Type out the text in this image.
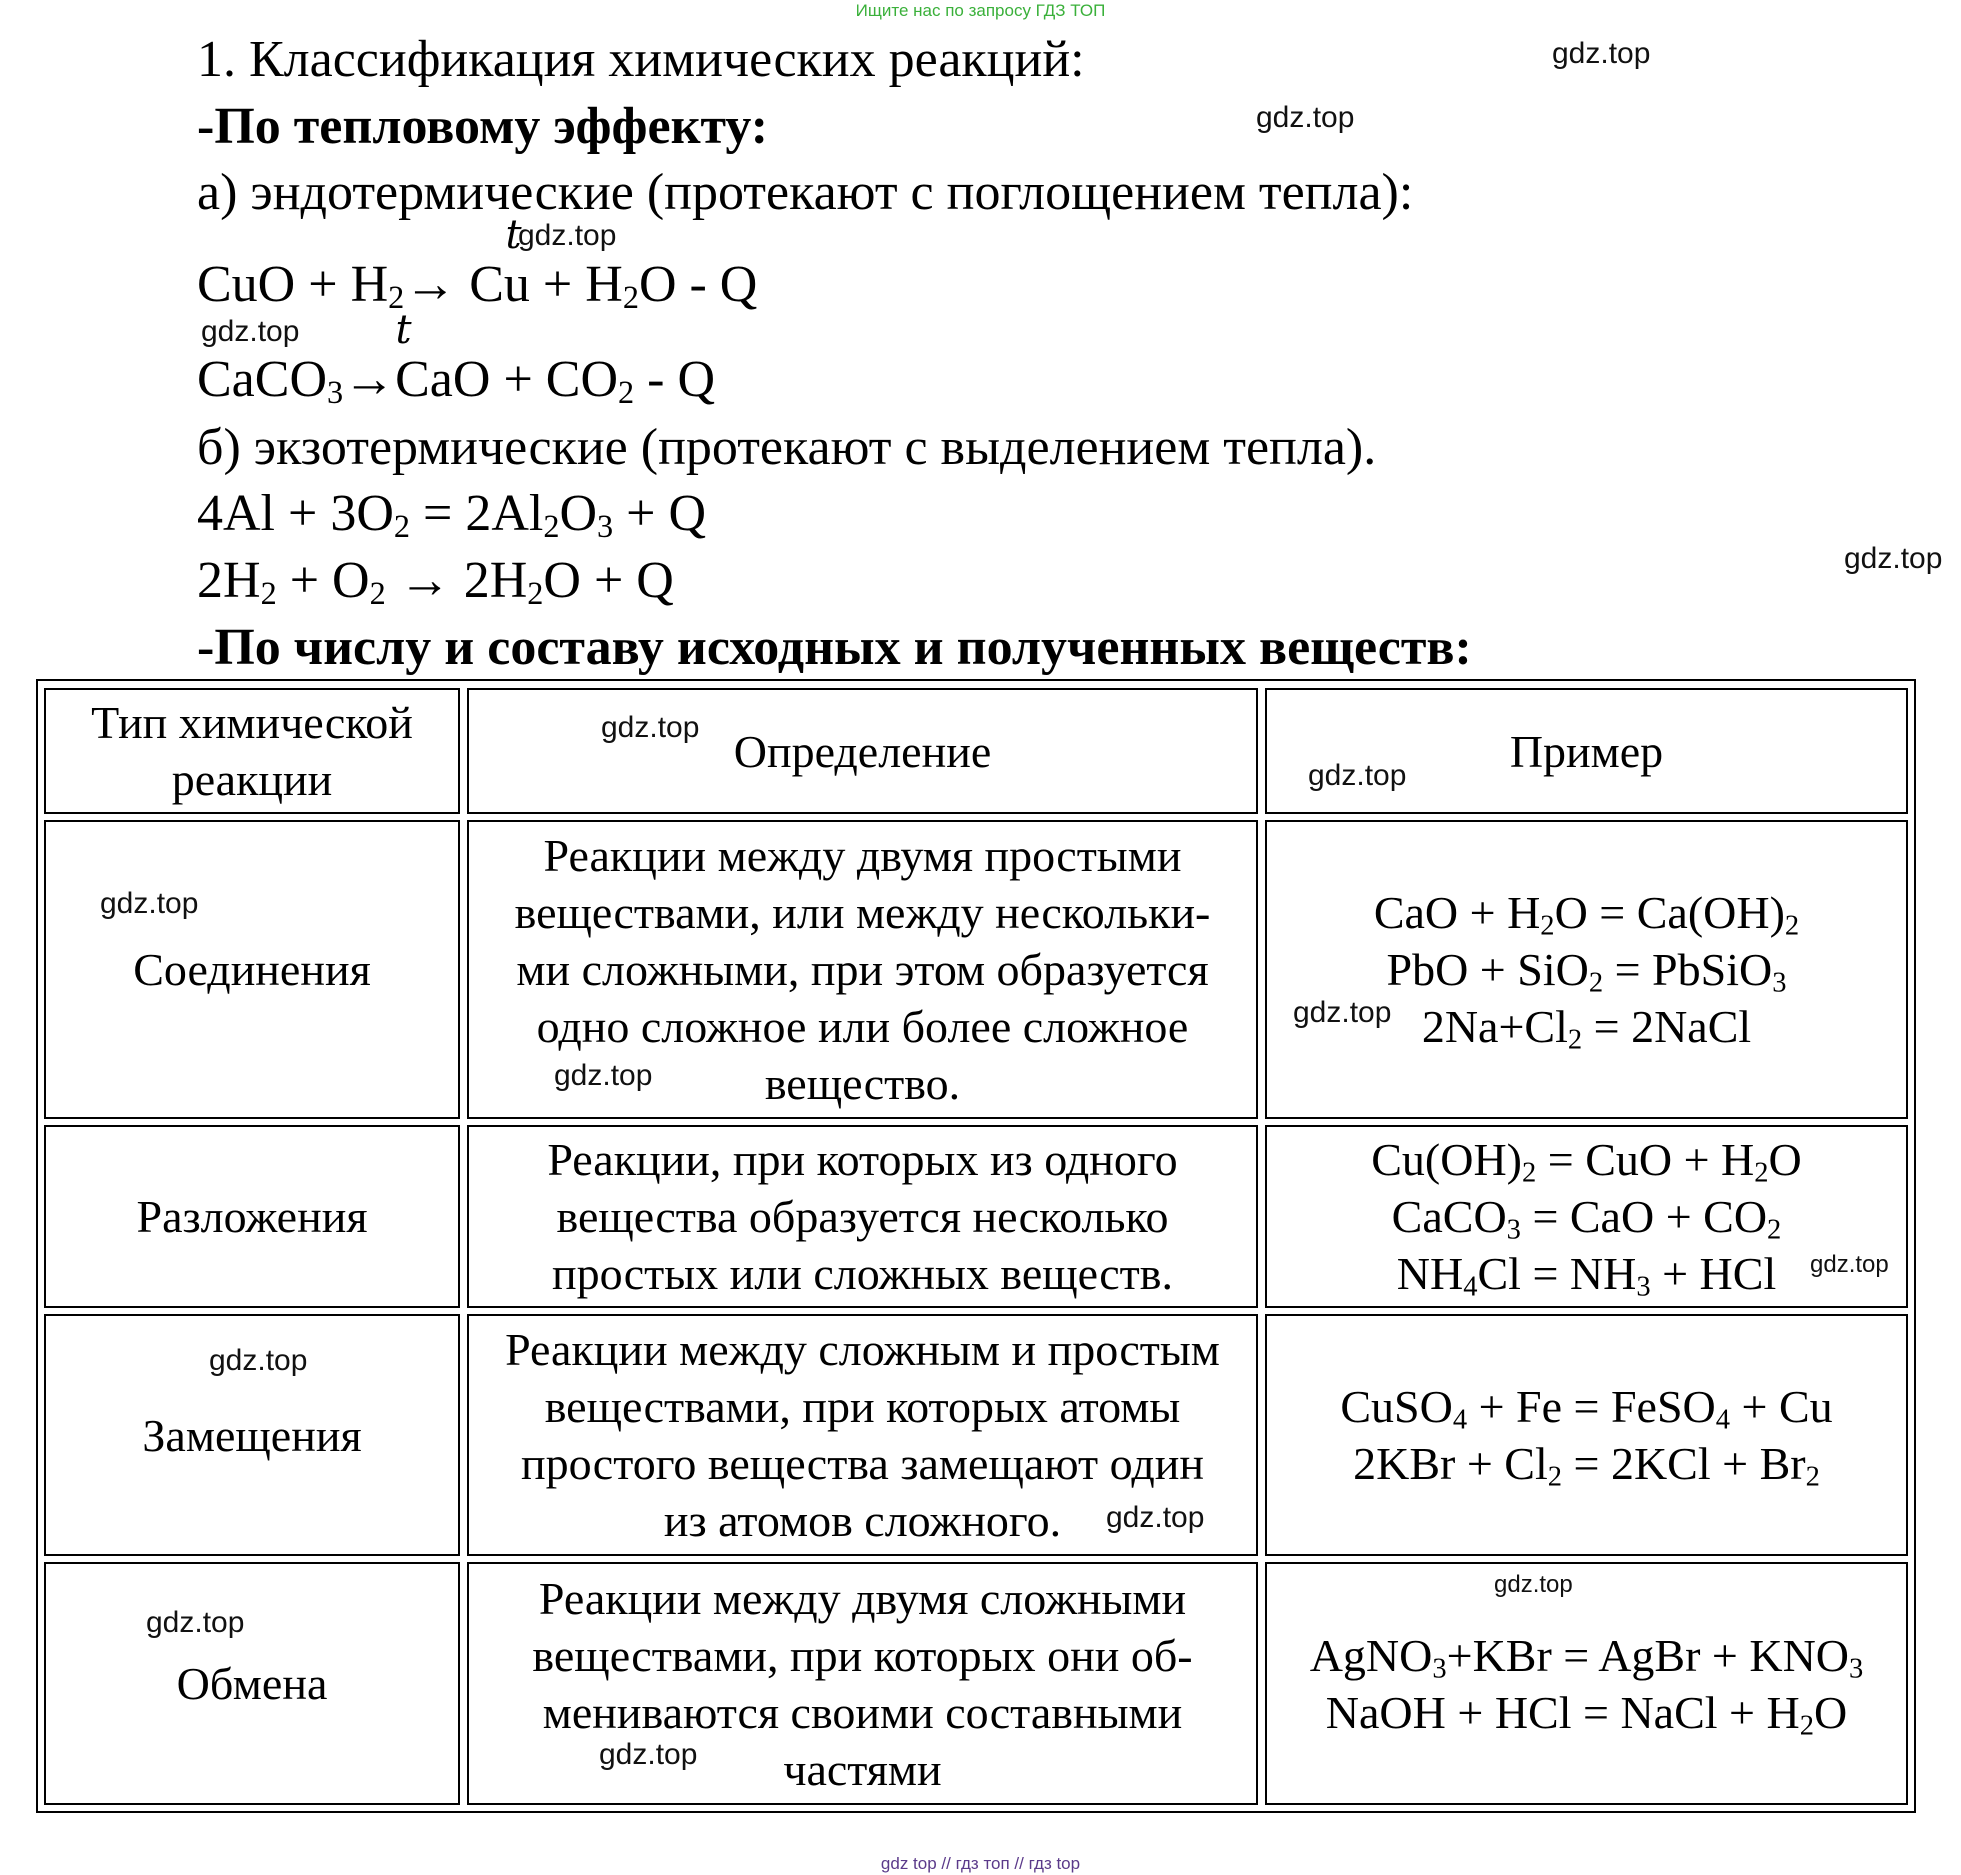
Ищите нас по запросу ГДЗ ТОП
1. Классификация химических реакций:
-По тепловому эффекту:
а) эндотермические (протекают с поглощением тепла):
CuO + $H_2$
t
→ $Cu + H_2O - Q$
CaCO$_3$
t
$\to CaO + CO_2 - Q$
б) экзотермические (протекают с выделением тепла).
$4Al + 3O_2 = 2Al_2O_3 + Q$
$2H_2 + O_2 \to 2H_2O + Q$
-По числу и составу исходных и полученных веществ:
Тип химической
реакции
Определение	Пример
Соединения
Реакции между двумя простыми
веществами, или между нескольки-
ми сложными, при этом образуется
одно сложное или более сложное
вещество.
CaO + $H_2O = Ca(OH)_2$
PbO + SiO$_2$ = PbSiO$_3$
$2Na+Cl_2$ = 2NaCl
Разложения
Реакции, при которых из одного
вещества образуется несколько
простых или сложных веществ.
$Cu(OH)_2$ = CuO + $H_2O$
CaCO$_3$ = CaO + $CO_2$
$NH_4Cl = NH_3$ + HCl
Замещения
Реакции между сложным и простым
веществами, при которых атомы
простого вещества замещают один
из атомов сложного.
CuSO$_4$ + Fe = FeSO$_4$ + Cu
$2KBr + Cl_2 = 2KCl + Br_2$
Обмена
Реакции между двумя сложными
веществами, при которых они об-
мениваются своими составными
частями
AgNO$_3$+KBr = AgBr + $KNO_3$
NaOH + HCl = NaCl + $H_2O$
gdz.top
gdz.top
gdz.top
gdz.top
gdz.top
gdz.top
gdz.top
gdz.top
gdz.top
gdz.top
gdz.top
gdz.top
gdz.top
gdz.top
gdz.top
gdz.top
gdz top // гдз топ // гдз top
